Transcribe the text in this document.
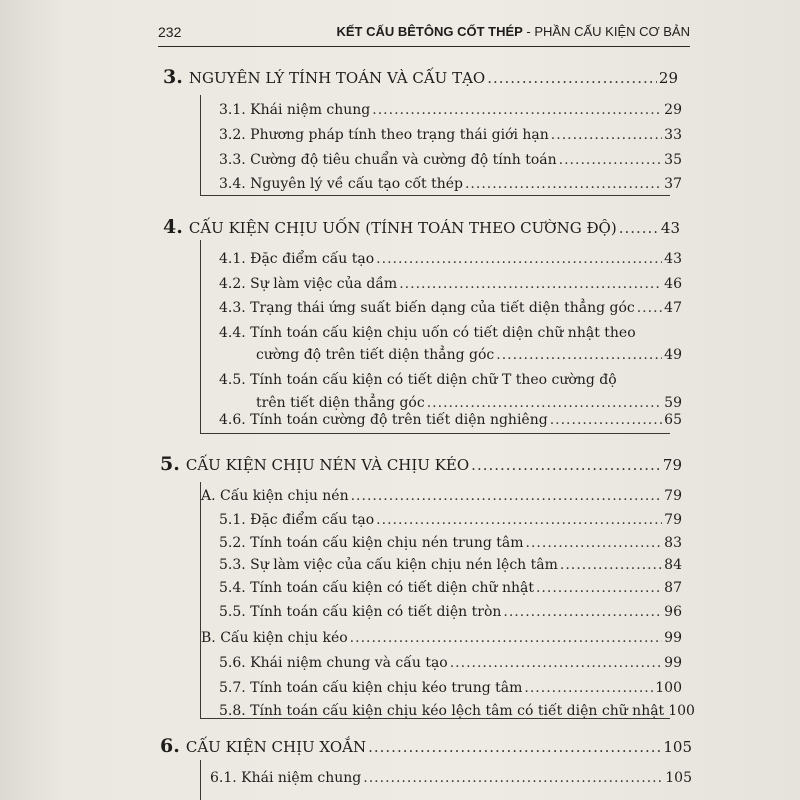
232	KẾT CẤU BÊTÔNG CỐT THÉP - PHẦN CẤU KIỆN CƠ BẢN
3. NGUYÊN LÝ TÍNH TOÁN VÀ CẤU TẠO .....	29
3.1. Khái niệm chung .....	29
3.2. Phương pháp tính theo trạng thái giới hạn .....	33
3.3. Cường độ tiêu chuẩn và cường độ tính toán .....	35
3.4. Nguyên lý về cấu tạo cốt thép .....	37
4. CẤU KIỆN CHỊU UỐN (TÍNH TOÁN THEO CƯỜNG ĐỘ) .....	43
4.1. Đặc điểm cấu tạo .....	43
4.2. Sự làm việc của dầm .....	46
4.3. Trạng thái ứng suất biến dạng của tiết diện thẳng góc ..... 47
4.4. Tính toán cấu kiện chịu uốn có tiết diện chữ nhật theo
cường độ trên tiết diện thẳng góc .....	49
4.5. Tính toán cấu kiện có tiết diện chữ T theo cường độ
trên tiết diện thẳng góc .....	59
4.6. Tính toán cường độ trên tiết diện nghiêng .....	65
5. CẤU KIỆN CHỊU NÉN VÀ CHỊU KÉO .....	79
A. Cấu kiện chịu nén .....	79
5.1. Đặc điểm cấu tạo .....	79
5.2. Tính toán cấu kiện chịu nén trung tâm .....	83
5.3. Sự làm việc của cấu kiện chịu nén lệch tâm .....	84
5.4. Tính toán cấu kiện có tiết diện chữ nhật .....	87
5.5. Tính toán cấu kiện có tiết diện tròn .....	96
B. Cấu kiện chịu kéo .....	99
5.6. Khái niệm chung và cấu tạo .....	99
5.7. Tính toán cấu kiện chịu kéo trung tâm .....	100
5.8. Tính toán cấu kiện chịu kéo lệch tâm có tiết diện chữ nhật 100
6. CẤU KIỆN CHỊU XOẮN .....	105
6.1. Khái niệm chung .....	105
